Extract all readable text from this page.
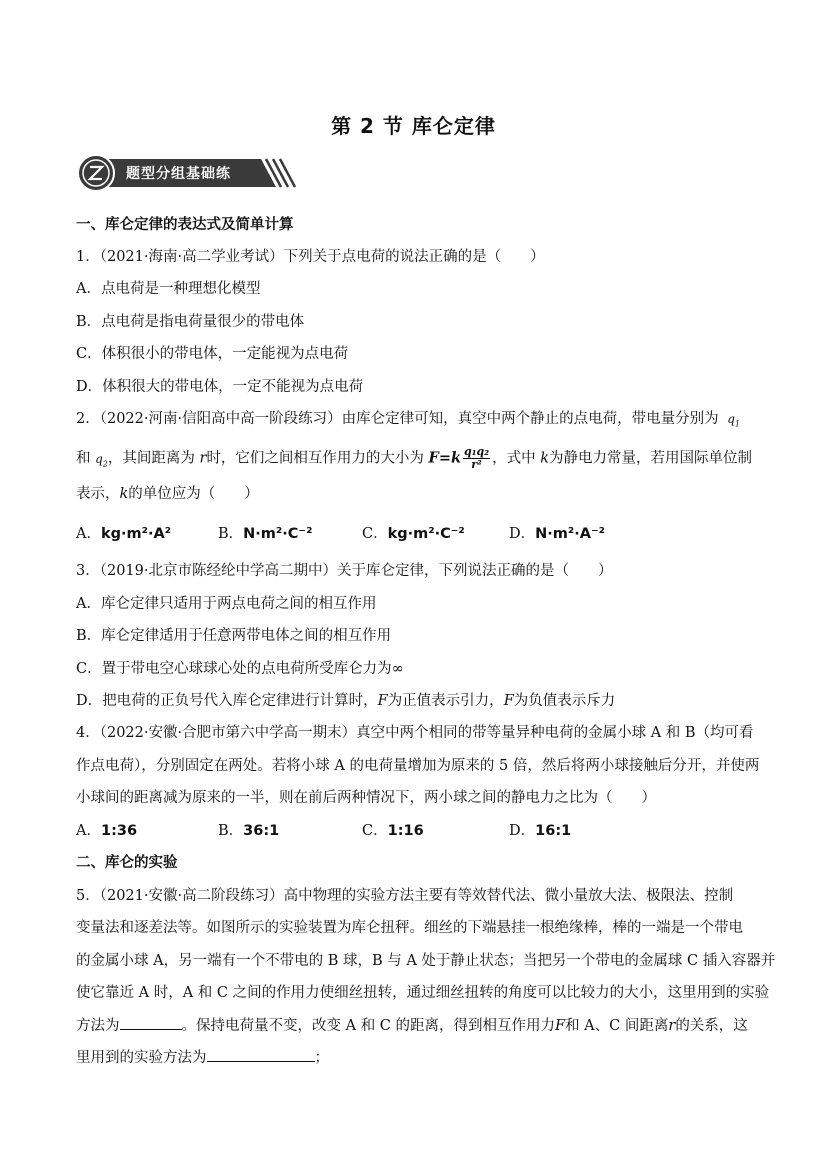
第 2 节 库仑定律
题型分组基础练
一、库仑定律的表达式及简单计算
1．（2021·海南·高二学业考试）下列关于点电荷的说法正确的是（　　）
A．点电荷是一种理想化模型
B．点电荷是指电荷量很少的带电体
C．体积很小的带电体，一定能视为点电荷
D．体积很大的带电体，一定不能视为点电荷
2．（2022·河南·信阳高中高一阶段练习）由库仑定律可知，真空中两个静止的点电荷，带电量分别为 $q_1$
和 $q_2$，其间距离为 r时，它们之间相互作用力的大小为 $F=k \frac{\text{q₁q₂}}{\text{r²}}$ ，式中 k为静电力常量，若用国际单位制
表示，k的单位应为（　　）
A．kg·m²·A²	B．N·m²·C⁻²	C．kg·m²·C⁻²	D．N·m²·A⁻²
3．（2019·北京市陈经纶中学高二期中）关于库仑定律，下列说法正确的是（　　）
A．库仑定律只适用于两点电荷之间的相互作用
B．库仑定律适用于任意两带电体之间的相互作用
C．置于带电空心球球心处的点电荷所受库仑力为∞
D．把电荷的正负号代入库仑定律进行计算时，F为正值表示引力，F为负值表示斥力
4．（2022·安徽·合肥市第六中学高一期末）真空中两个相同的带等量异种电荷的金属小球 A 和 B（均可看
作点电荷），分别固定在两处。若将小球 A 的电荷量增加为原来的 5 倍，然后将两小球接触后分开，并使两
小球间的距离减为原来的一半，则在前后两种情况下，两小球之间的静电力之比为（　　）
A．1:36	B．36:1	C．1:16	D．16:1
二、库仑的实验
5．（2021·安徽·高二阶段练习）高中物理的实验方法主要有等效替代法、微小量放大法、极限法、控制
变量法和逐差法等。如图所示的实验装置为库仑扭秤。细丝的下端悬挂一根绝缘棒，棒的一端是一个带电
的金属小球 A，另一端有一个不带电的 B 球，B 与 A 处于静止状态；当把另一个带电的金属球 C 插入容器并
使它靠近 A 时，A 和 C 之间的作用力使细丝扭转，通过细丝扭转的角度可以比较力的大小，这里用到的实验
方法为	。保持电荷量不变，改变 A 和 C 的距离，得到相互作用力F和 A、C 间距离r的关系，这
里用到的实验方法为	；
